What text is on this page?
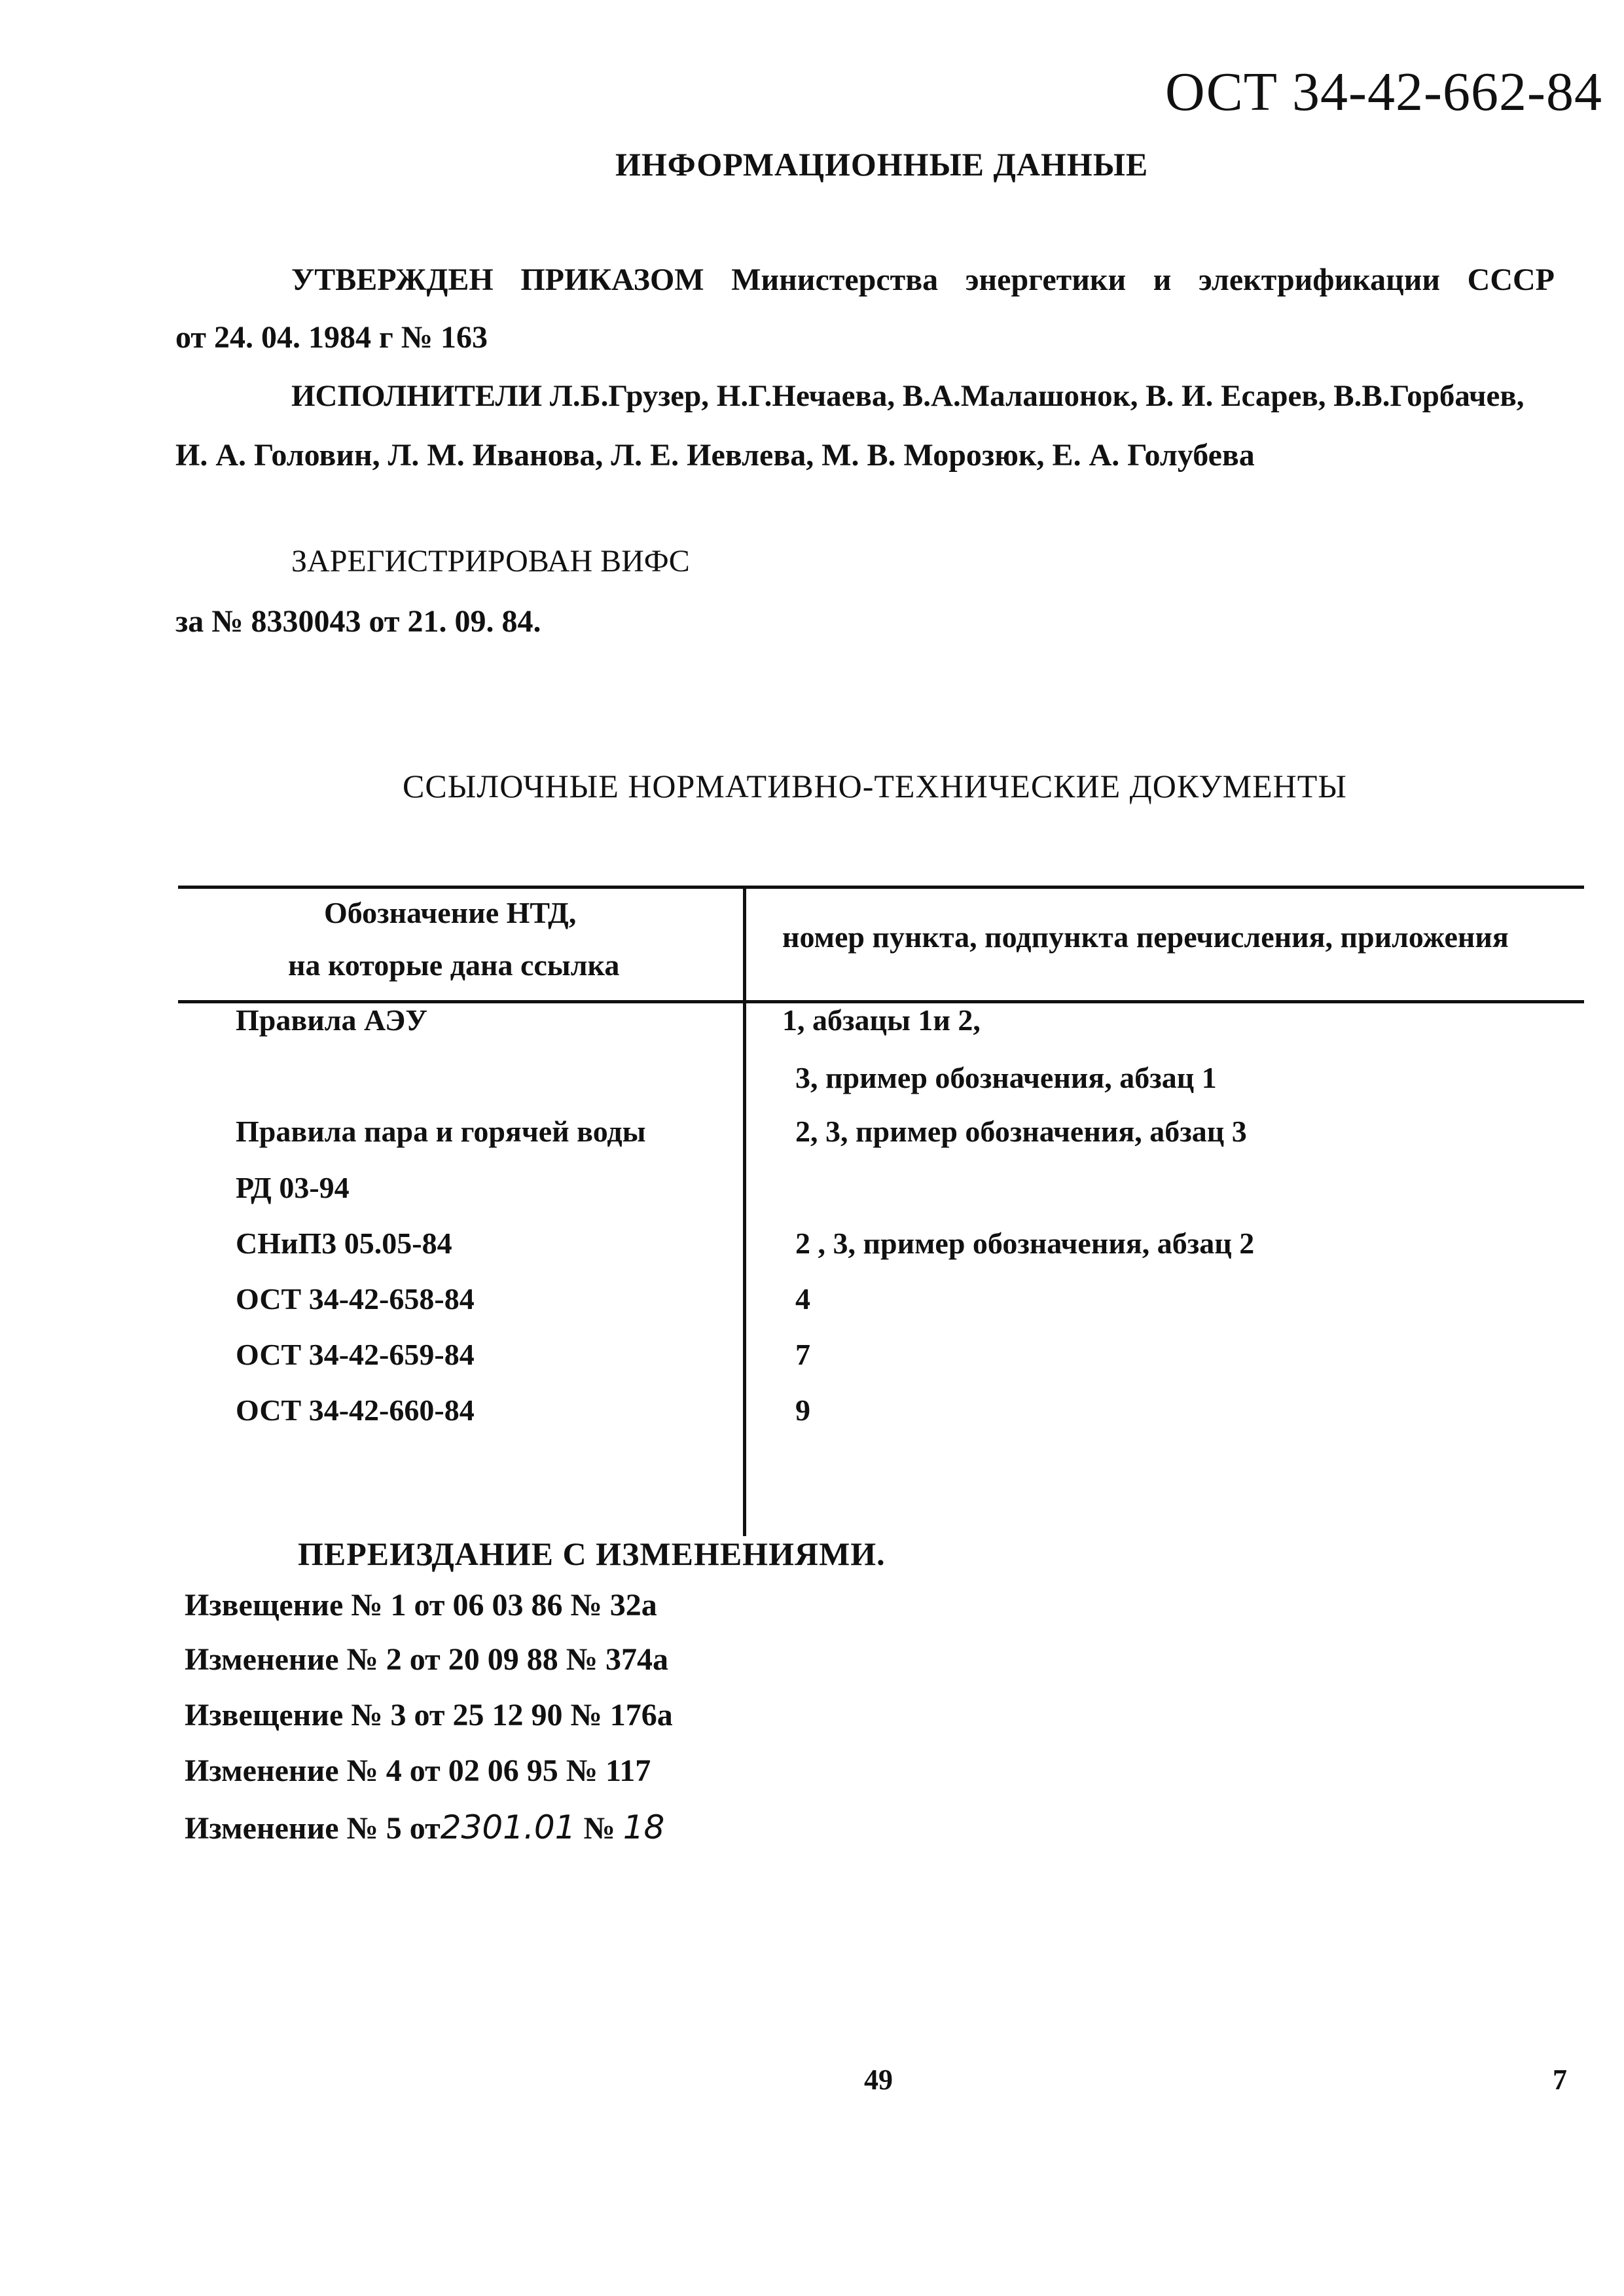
ОСТ 34-42-662-84
ИНФОРМАЦИОННЫЕ ДАННЫЕ
УТВЕРЖДЕН ПРИКАЗОМ Министерства энергетики и электрификации СССР
от 24. 04. 1984 г № 163
ИСПОЛНИТЕЛИ Л.Б.Грузер, Н.Г.Нечаева, В.А.Малашонок, В. И. Есарев, В.В.Горбачев,
И. А. Головин, Л. М. Иванова, Л. Е. Иевлева, М. В. Морозюк, Е. А. Голубева
ЗАРЕГИСТРИРОВАН ВИФС
за № 8330043 от 21. 09. 84.
ССЫЛОЧНЫЕ НОРМАТИВНО-ТЕХНИЧЕСКИЕ ДОКУМЕНТЫ
Обозначение НТД,
на которые дана ссылка
номер пункта, подпункта перечисления, приложения
Правила АЭУ	1, абзацы 1и 2,
3, пример обозначения, абзац 1
Правила пара и горячей воды	2, 3, пример обозначения, абзац 3
РД 03-94
СНиП3 05.05-84	2 , 3, пример обозначения, абзац 2
ОСТ 34-42-658-84	4
ОСТ 34-42-659-84	7
ОСТ 34-42-660-84	9
ПЕРЕИЗДАНИЕ С ИЗМЕНЕНИЯМИ.
Извещение № 1 от 06 03 86 № 32а
Изменение № 2 от 20 09 88 № 374а
Извещение № 3 от 25 12 90 № 176а
Изменение № 4 от 02 06 95 № 117
Изменение № 5 от2301.01 № 18
49	7
